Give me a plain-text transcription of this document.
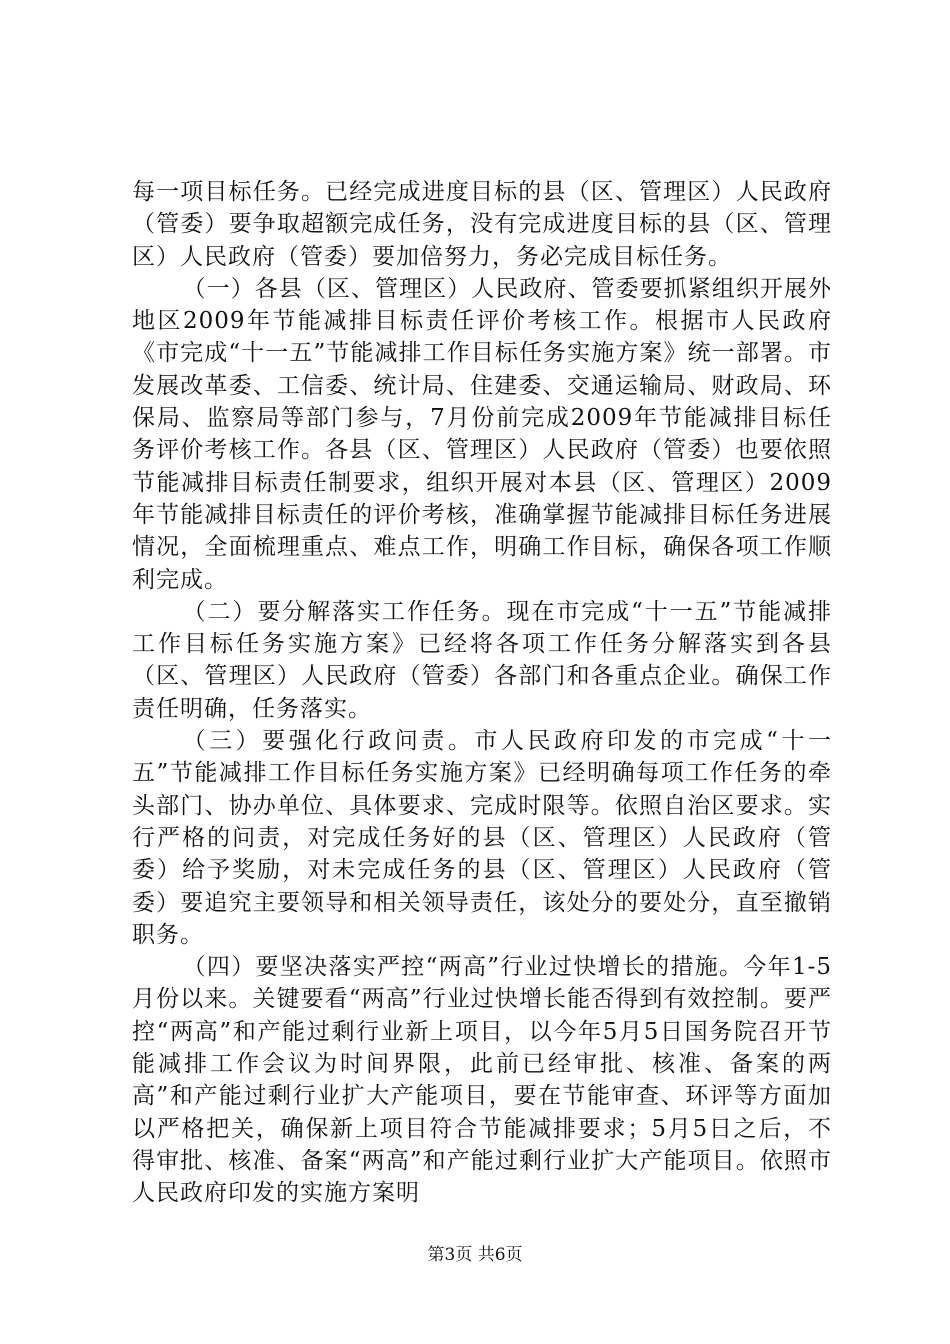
每一项目标任务。已经完成进度目标的县（区、管理区）人民政府（管委）要争取超额完成任务，没有完成进度目标的县（区、管理区）人民政府（管委）要加倍努力，务必完成目标任务。

（一）各县（区、管理区）人民政府、管委要抓紧组织开展外地区2009年节能减排目标责任评价考核工作。根据市人民政府《市完成“十一五”节能减排工作目标任务实施方案》统一部署。市发展改革委、工信委、统计局、住建委、交通运输局、财政局、环保局、监察局等部门参与，7月份前完成2009年节能减排目标任务评价考核工作。各县（区、管理区）人民政府（管委）也要依照节能减排目标责任制要求，组织开展对本县（区、管理区）2009年节能减排目标责任的评价考核，准确掌握节能减排目标任务进展情况，全面梳理重点、难点工作，明确工作目标，确保各项工作顺利完成。

（二）要分解落实工作任务。现在市完成“十一五”节能减排工作目标任务实施方案》已经将各项工作任务分解落实到各县（区、管理区）人民政府（管委）各部门和各重点企业。确保工作责任明确，任务落实。

（三）要强化行政问责。市人民政府印发的市完成“十一五”节能减排工作目标任务实施方案》已经明确每项工作任务的牵头部门、协办单位、具体要求、完成时限等。依照自治区要求。实行严格的问责，对完成任务好的县（区、管理区）人民政府（管委）给予奖励，对未完成任务的县（区、管理区）人民政府（管委）要追究主要领导和相关领导责任，该处分的要处分，直至撤销职务。

（四）要坚决落实严控“两高”行业过快增长的措施。今年1-5月份以来。关键要看“两高”行业过快增长能否得到有效控制。要严控“两高”和产能过剩行业新上项目，以今年5月5日国务院召开节能减排工作会议为时间界限，此前已经审批、核准、备案的两高”和产能过剩行业扩大产能项目，要在节能审查、环评等方面加以严格把关，确保新上项目符合节能减排要求；5月5日之后，不得审批、核准、备案“两高”和产能过剩行业扩大产能项目。依照市人民政府印发的实施方案明

第3页 共6页
